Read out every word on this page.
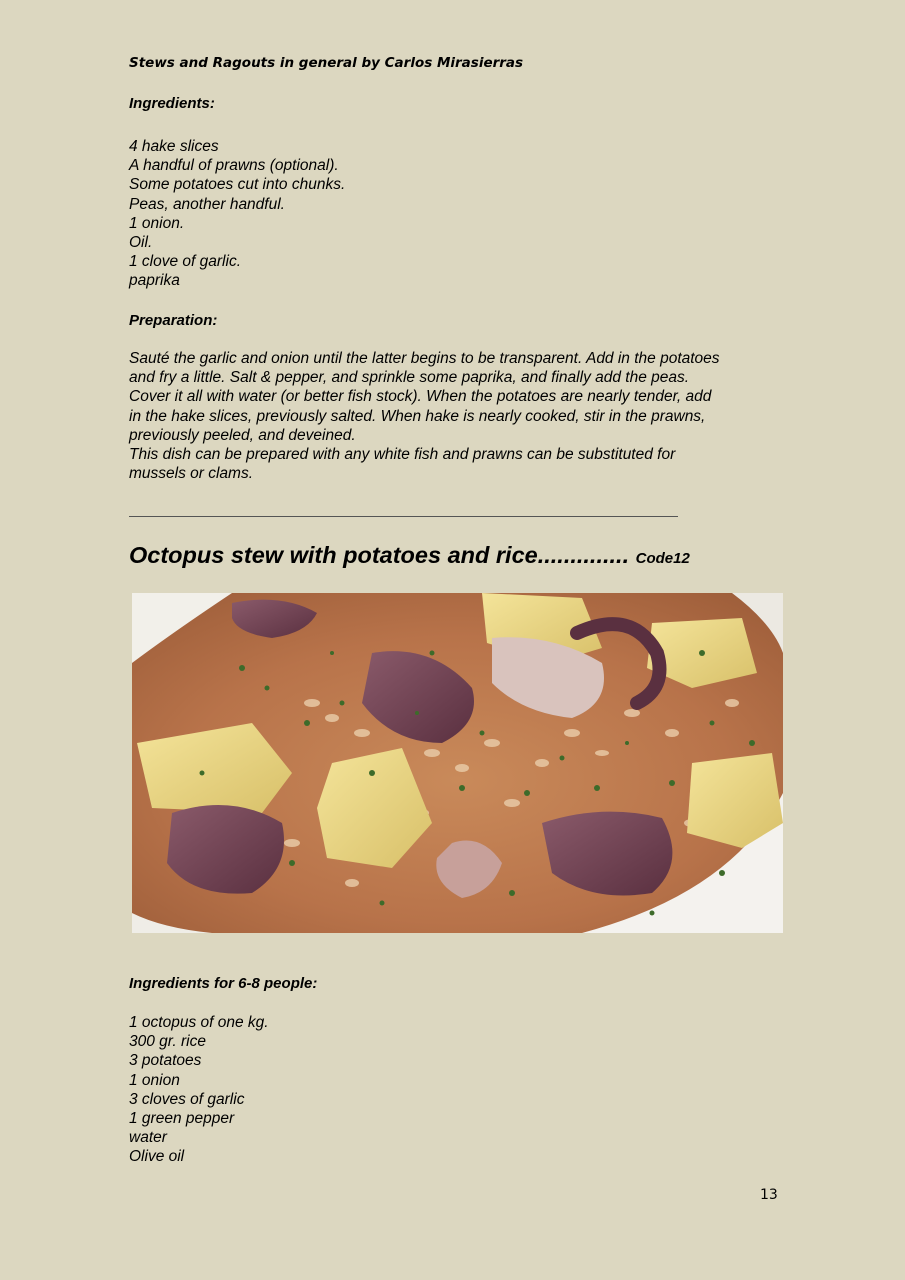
Stews and Ragouts in general by Carlos Mirasierras
Ingredients:
4 hake slices
A handful of prawns (optional).
Some potatoes cut into chunks.
Peas, another handful.
1 onion.
Oil.
1 clove of garlic.
paprika
Preparation:
Sauté the garlic and onion until the latter begins to be transparent. Add in the potatoes
and fry a little. Salt & pepper, and sprinkle some paprika, and finally add the peas.
Cover it all with water (or better fish stock). When the potatoes are nearly tender, add
in the hake slices, previously salted. When hake is nearly cooked, stir in the prawns,
previously peeled, and deveined.
This dish can be prepared with any white fish and prawns can be substituted for
mussels or clams.
Octopus stew with potatoes and rice.............. Code12
Ingredients for 6-8 people:
1 octopus of one kg.
300 gr. rice
3 potatoes
1 onion
3 cloves of garlic
1 green pepper
water
Olive oil
13
